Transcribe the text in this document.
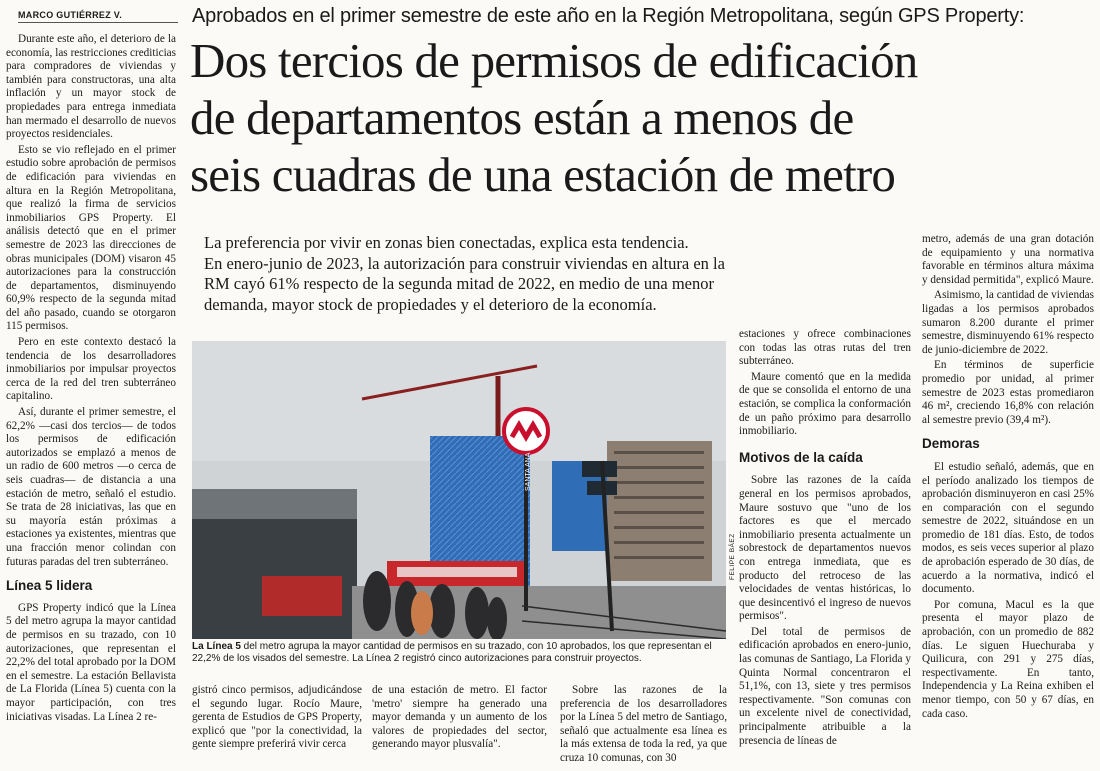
MARCO GUTIÉRREZ V.	Aprobados en el primer semestre de este año en la Región Metropolitana, según GPS Property:
Dos tercios de permisos de edificación
de departamentos están a menos de
seis cuadras de una estación de metro
La preferencia por vivir en zonas bien conectadas, explica esta tendencia.
En enero-junio de 2023, la autorización para construir viviendas en altura en la
RM cayó 61% respecto de la segunda mitad de 2022, en medio de una menor
demanda, mayor stock de propiedades y el deterioro de la economía.

Durante este año, el deterioro de la economía, las restricciones crediticias para compradores de viviendas y también para constructoras, una alta inflación y un mayor stock de propiedades para entrega inmediata han mermado el desarrollo de nuevos proyectos residenciales.

Esto se vio reflejado en el primer estudio sobre aprobación de permisos de edificación para viviendas en altura en la Región Metropolitana, que realizó la firma de servicios inmobiliarios GPS Property. El análisis detectó que en el primer semestre de 2023 las direcciones de obras municipales (DOM) visaron 45 autorizaciones para la construcción de departamentos, disminuyendo 60,9% respecto de la segunda mitad del año pasado, cuando se otorgaron 115 permisos.

Pero en este contexto destacó la tendencia de los desarrolladores inmobiliarios por impulsar proyectos cerca de la red del tren subterráneo capitalino.

Así, durante el primer semestre, el 62,2% —casi dos tercios— de todos los permisos de edificación autorizados se emplazó a menos de un radio de 600 metros —o cerca de seis cuadras— de distancia a una estación de metro, señaló el estudio. Se trata de 28 iniciativas, las que en su mayoría están próximas a estaciones ya existentes, mientras que una fracción menor colindan con futuras paradas del tren subterráneo.

Línea 5 lidera

GPS Property indicó que la Línea 5 del metro agrupa la mayor cantidad de permisos en su trazado, con 10 autorizaciones, que representan el 22,2% del total aprobado por la DOM en el semestre. La estación Bellavista de La Florida (Línea 5) cuenta con la mayor participación, con tres iniciativas visadas. La Línea 2 re-

SANTA ANA
FELIPE BÁEZ
La Línea 5 del metro agrupa la mayor cantidad de permisos en su trazado, con 10 aprobados, los que representan el 22,2% de los visados del semestre. La Línea 2 registró cinco autorizaciones para construir proyectos.

gistró cinco permisos, adjudicándose el segundo lugar. Rocío Maure, gerenta de Estudios de GPS Property, explicó que "por la conectividad, la gente siempre preferirá vivir cerca

de una estación de metro. El factor 'metro' siempre ha generado una mayor demanda y un aumento de los valores de propiedades del sector, generando mayor plusvalía".

Sobre las razones de la preferencia de los desarrolladores por la Línea 5 del metro de Santiago, señaló que actualmente esa línea es la más extensa de toda la red, ya que cruza 10 comunas, con 30

estaciones y ofrece combinaciones con todas las otras rutas del tren subterráneo.

Maure comentó que en la medida de que se consolida el entorno de una estación, se complica la conformación de un paño próximo para desarrollo inmobiliario.

Motivos de la caída

Sobre las razones de la caída general en los permisos aprobados, Maure sostuvo que "uno de los factores es que el mercado inmobiliario presenta actualmente un sobrestock de departamentos nuevos con entrega inmediata, que es producto del retroceso de las velocidades de ventas históricas, lo que desincentivó el ingreso de nuevos permisos".

Del total de permisos de edificación aprobados en enero-junio, las comunas de Santiago, La Florida y Quinta Normal concentraron el 51,1%, con 13, siete y tres permisos respectivamente. "Son comunas con un excelente nivel de conectividad, principalmente atribuible a la presencia de líneas de

metro, además de una gran dotación de equipamiento y una normativa favorable en términos altura máxima y densidad permitida", explicó Maure.

Asimismo, la cantidad de viviendas ligadas a los permisos aprobados sumaron 8.200 durante el primer semestre, disminuyendo 61% respecto de junio-diciembre de 2022.

En términos de superficie promedio por unidad, al primer semestre de 2023 estas promediaron 46 m², creciendo 16,8% con relación al semestre previo (39,4 m²).

Demoras

El estudio señaló, además, que en el período analizado los tiempos de aprobación disminuyeron en casi 25% en comparación con el segundo semestre de 2022, situándose en un promedio de 181 días. Esto, de todos modos, es seis veces superior al plazo de aprobación esperado de 30 días, de acuerdo a la normativa, indicó el documento.

Por comuna, Macul es la que presenta el mayor plazo de aprobación, con un promedio de 882 días. Le siguen Huechuraba y Quilicura, con 291 y 275 días, respectivamente. En tanto, Independencia y La Reina exhiben el menor tiempo, con 50 y 67 días, en cada caso.
